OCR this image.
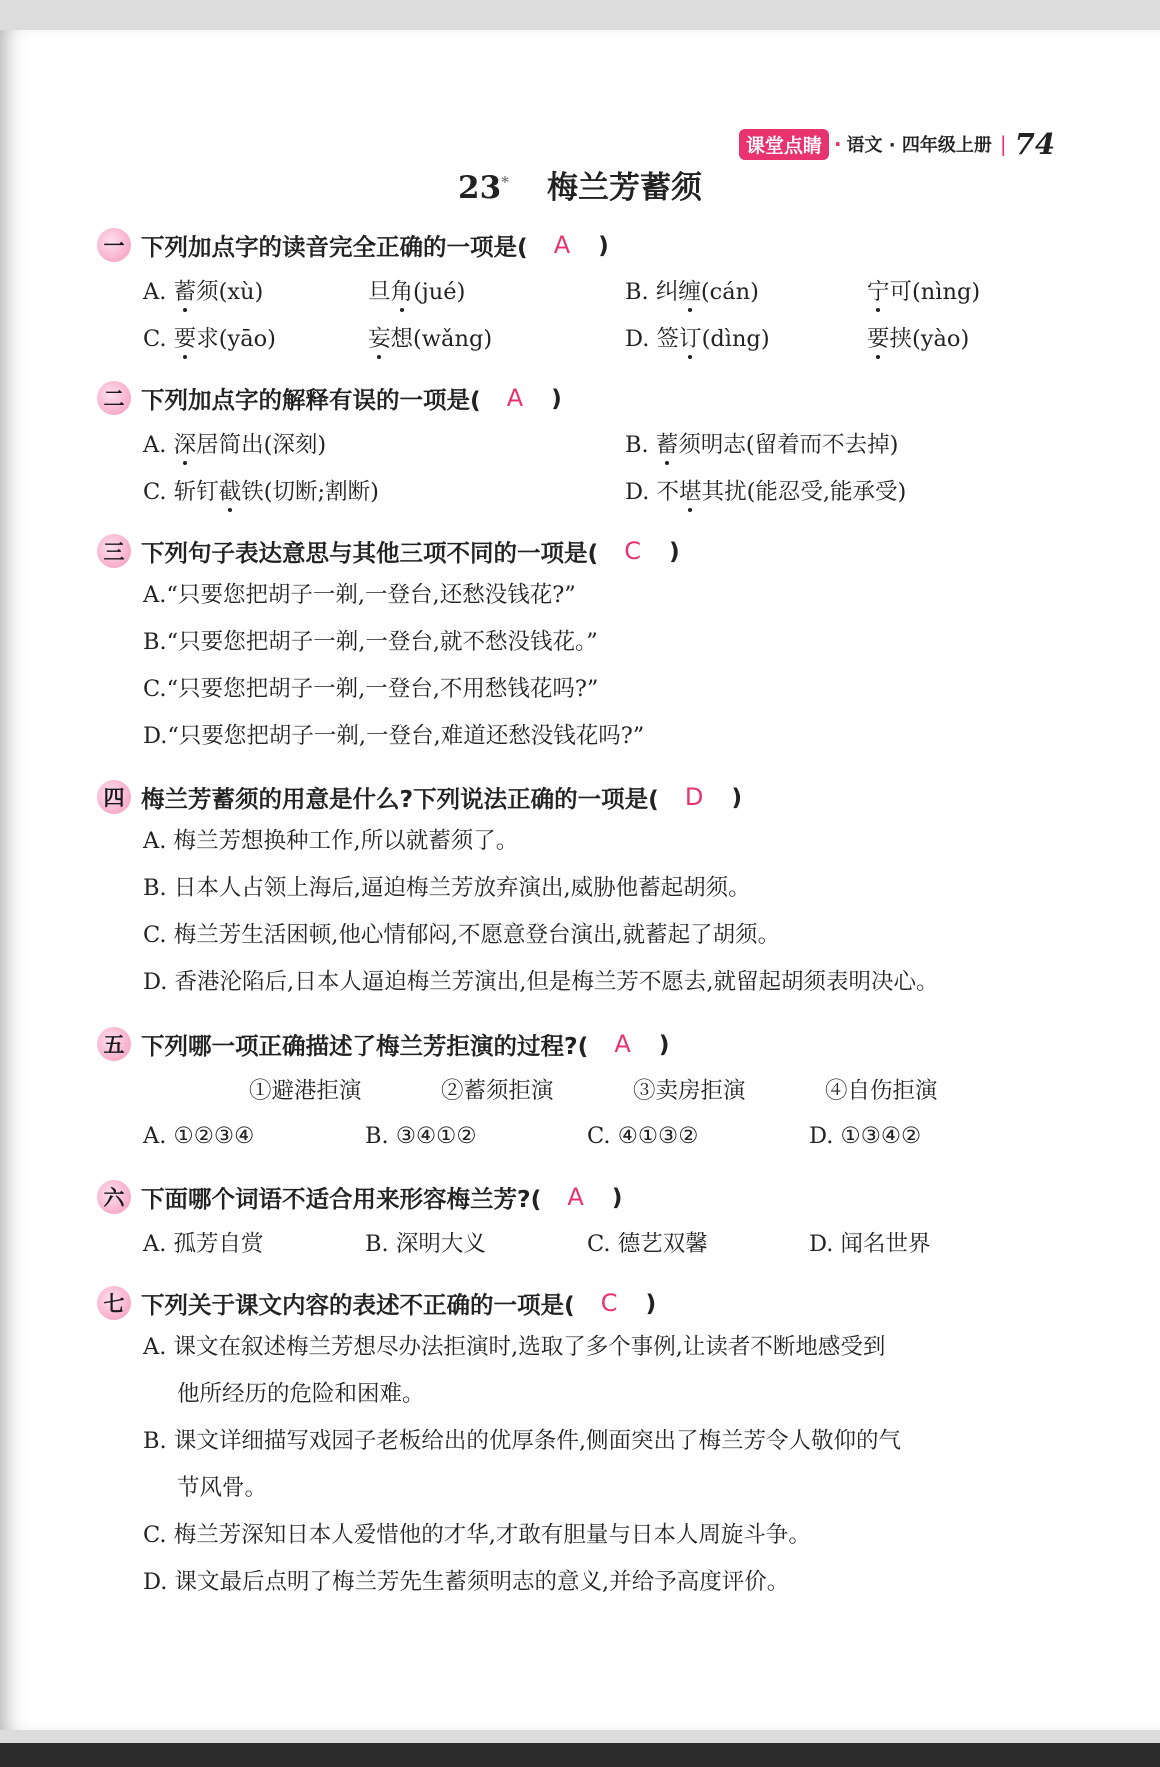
课堂点睛 · 语文 · 四年级上册 | 74
23* 梅兰芳蓄须
一 下列加点字的读音完全正确的一项是(	A	)
A. 蓄须(xù)	旦角(jué)	B. 纠缠(cán)	宁可(nìng)
C. 要求(yāo)	妄想(wǎng)	D. 签订(dìng)	要挟(yào)
二 下列加点字的解释有误的一项是(	A	)
A. 深居简出(深刻)	B. 蓄须明志(留着而不去掉)
C. 斩钉截铁(切断;割断)	D. 不堪其扰(能忍受,能承受)
三 下列句子表达意思与其他三项不同的一项是(	C	)
A.“只要您把胡子一剃,一登台,还愁没钱花?”
B.“只要您把胡子一剃,一登台,就不愁没钱花。”
C.“只要您把胡子一剃,一登台,不用愁钱花吗?”
D.“只要您把胡子一剃,一登台,难道还愁没钱花吗?”
四 梅兰芳蓄须的用意是什么?下列说法正确的一项是(	D	)
A. 梅兰芳想换种工作,所以就蓄须了。
B. 日本人占领上海后,逼迫梅兰芳放弃演出,威胁他蓄起胡须。
C. 梅兰芳生活困顿,他心情郁闷,不愿意登台演出,就蓄起了胡须。
D. 香港沦陷后,日本人逼迫梅兰芳演出,但是梅兰芳不愿去,就留起胡须表明决心。
五 下列哪一项正确描述了梅兰芳拒演的过程?(	A	)
①避港拒演	②蓄须拒演	③卖房拒演	④自伤拒演
A. ①②③④	B. ③④①②	C. ④①③②	D. ①③④②
六 下面哪个词语不适合用来形容梅兰芳?(	A	)
A. 孤芳自赏	B. 深明大义	C. 德艺双馨	D. 闻名世界
七 下列关于课文内容的表述不正确的一项是(	C	)
A. 课文在叙述梅兰芳想尽办法拒演时,选取了多个事例,让读者不断地感受到
他所经历的危险和困难。
B. 课文详细描写戏园子老板给出的优厚条件,侧面突出了梅兰芳令人敬仰的气
节风骨。
C. 梅兰芳深知日本人爱惜他的才华,才敢有胆量与日本人周旋斗争。
D. 课文最后点明了梅兰芳先生蓄须明志的意义,并给予高度评价。
